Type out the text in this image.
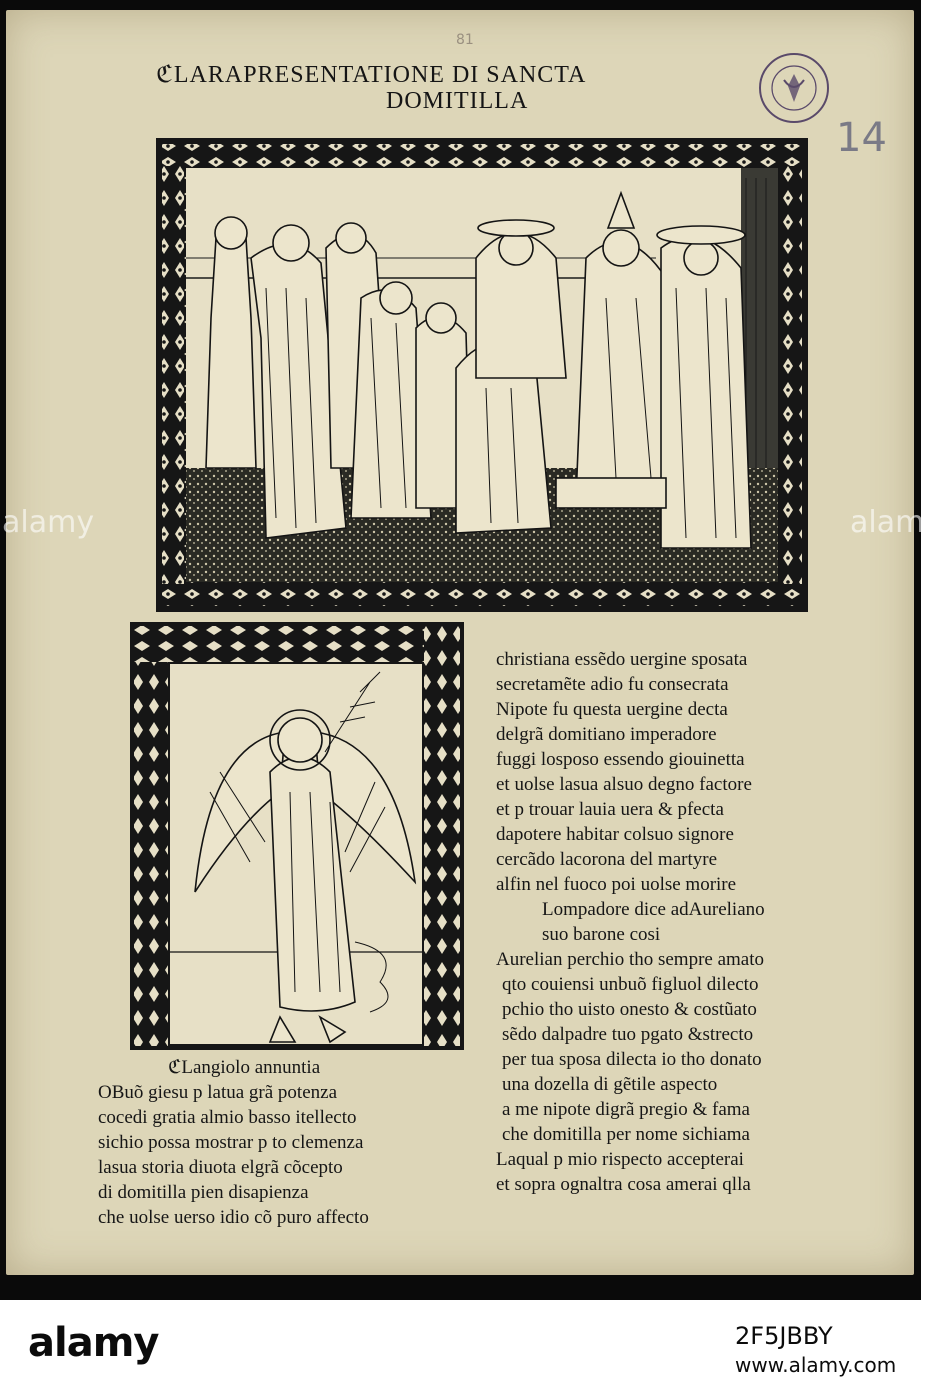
81
ℭLARAPRESENTATIONE DI SANCTA
DOMITILLA
14
christiana essẽdo uergine sposata
secretamẽte adio fu consecrata
Nipote fu questa uergine decta
delgrã domitiano imperadore
fuggi losposo essendo giouinetta
et uolse lasua alsuo degno factore
et p trouar lauia uera & pfecta
dapotere habitar colsuo signore
cercãdo lacorona del martyre
alfin nel fuoco poi uolse morire
Lompadore dice adAureliano
suo barone cosi
Aurelian perchio tho sempre amato
qto couiensi unbuõ figluol dilecto
pchio tho uisto onesto & costũato
sẽdo dalpadre tuo pgato &strecto
per tua sposa dilecta io tho donato
una dozella di gẽtile aspecto
a me nipote digrã pregio & fama
che domitilla per nome sichiama
Laqual p mio rispecto accepterai
et sopra ognaltra cosa amerai qlla
ℭLangiolo annuntia
OBuõ giesu p latua grã potenza
cocedi gratia almio basso itellecto
sichio possa mostrar p to clemenza
lasua storia diuota elgrã cõcepto
di domitilla pien disapienza
che uolse uerso idio cõ puro affecto
alamy	alamy
alamy	2F5JBBY
www.alamy.com
